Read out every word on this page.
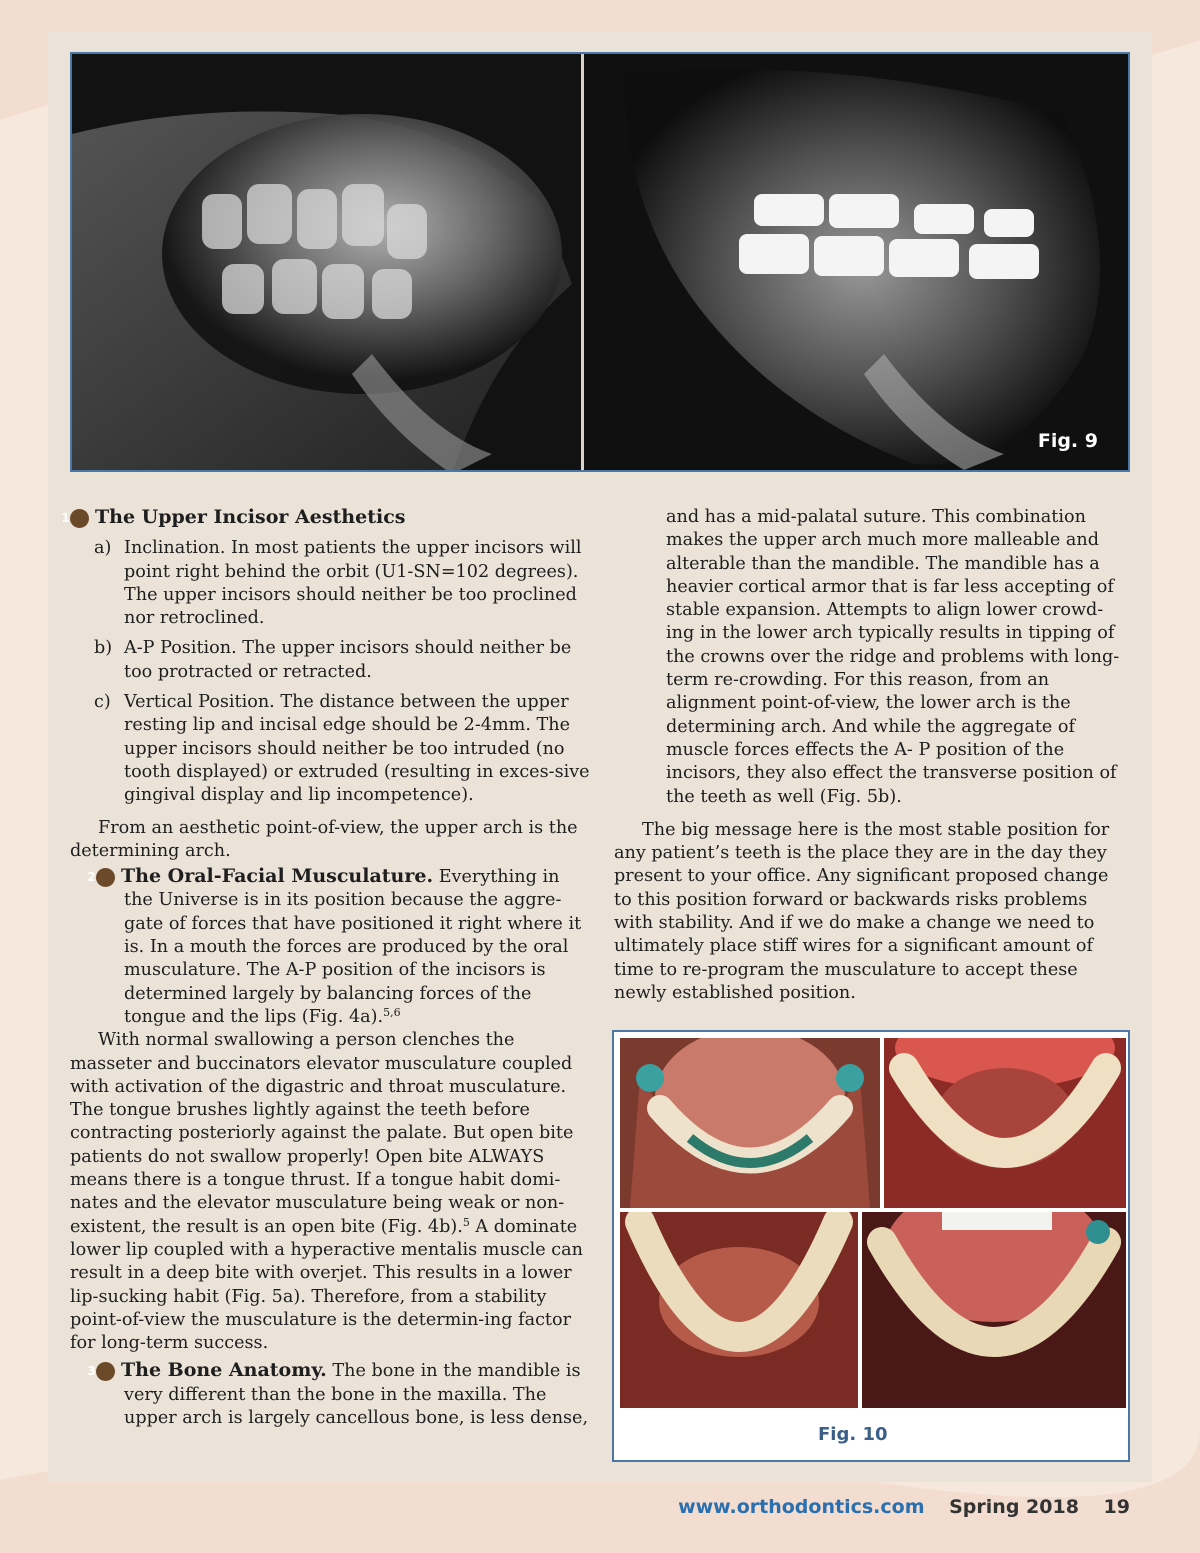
Fig. 9

1 The Upper Incisor Aesthetics

a) Inclination. In most patients the upper incisors will point right behind the orbit (U1-SN=102 degrees). The upper incisors should neither be too proclined nor retroclined.
b) A-P Position. The upper incisors should neither be too protracted or retracted.
c) Vertical Position. The distance between the upper resting lip and incisal edge should be 2-4mm. The upper incisors should neither be too intruded (no tooth displayed) or extruded (resulting in exces-sive gingival display and lip incompetence).

From an aesthetic point-of-view, the upper arch is the determining arch.

2 The Oral-Facial Musculature. Everything in the Universe is in its position because the aggre-gate of forces that have positioned it right where it is. In a mouth the forces are produced by the oral musculature. The A-P position of the incisors is determined largely by balancing forces of the tongue and the lips (Fig. 4a).$^{5,6}$

With normal swallowing a person clenches the masseter and buccinators elevator musculature coupled with activation of the digastric and throat musculature. The tongue brushes lightly against the teeth before contracting posteriorly against the palate. But open bite patients do not swallow properly! Open bite ALWAYS means there is a tongue thrust. If a tongue habit domi-nates and the elevator musculature being weak or non-existent, the result is an open bite (Fig. 4b).$^5$ A dominate lower lip coupled with a hyperactive mentalis muscle can result in a deep bite with overjet. This results in a lower lip-sucking habit (Fig. 5a). Therefore, from a stability point-of-view the musculature is the determin-ing factor for long-term success.

3 The Bone Anatomy. The bone in the mandible is very different than the bone in the maxilla. The upper arch is largely cancellous bone, is less dense,

and has a mid-palatal suture. This combination makes the upper arch much more malleable and alterable than the mandible. The mandible has a heavier cortical armor that is far less accepting of stable expansion. Attempts to align lower crowd-ing in the lower arch typically results in tipping of the crowns over the ridge and problems with long-term re-crowding. For this reason, from an alignment point-of-view, the lower arch is the determining arch. And while the aggregate of muscle forces effects the A- P position of the incisors, they also effect the transverse position of the teeth as well (Fig. 5b).

The big message here is the most stable position for any patient’s teeth is the place they are in the day they present to your office. Any significant proposed change to this position forward or backwards risks problems with stability. And if we do make a change we need to ultimately place stiff wires for a significant amount of time to re-program the musculature to accept these newly established position.

Fig. 10
www.orthodontics.com Spring 2018 19
